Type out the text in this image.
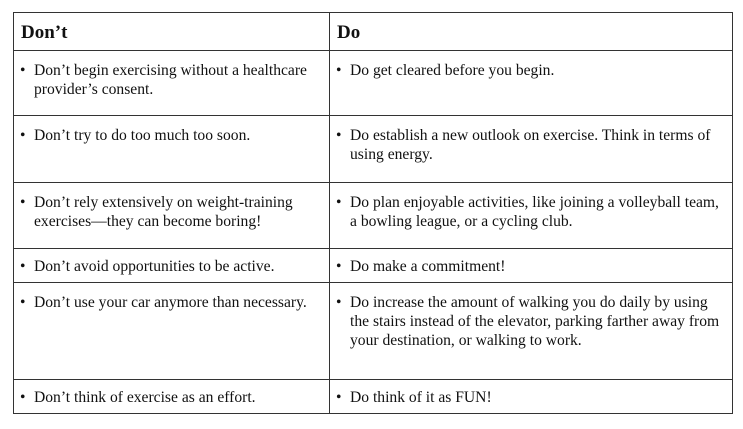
Don’t	Do

• Don’t begin exercising without a healthcare provider’s consent.	• Do get cleared before you begin.

• Don’t try to do too much too soon.	• Do establish a new outlook on exercise. Think in terms of using energy.

• Don’t rely extensively on weight-training exercises—they can become boring!	• Do plan enjoyable activities, like joining a volleyball team, a bowling league, or a cycling club.

• Don’t avoid opportunities to be active.	• Do make a commitment!

• Don’t use your car anymore than necessary.	• Do increase the amount of walking you do daily by using the stairs instead of the elevator, parking farther away from your destination, or walking to work.

• Don’t think of exercise as an effort.	• Do think of it as FUN!
